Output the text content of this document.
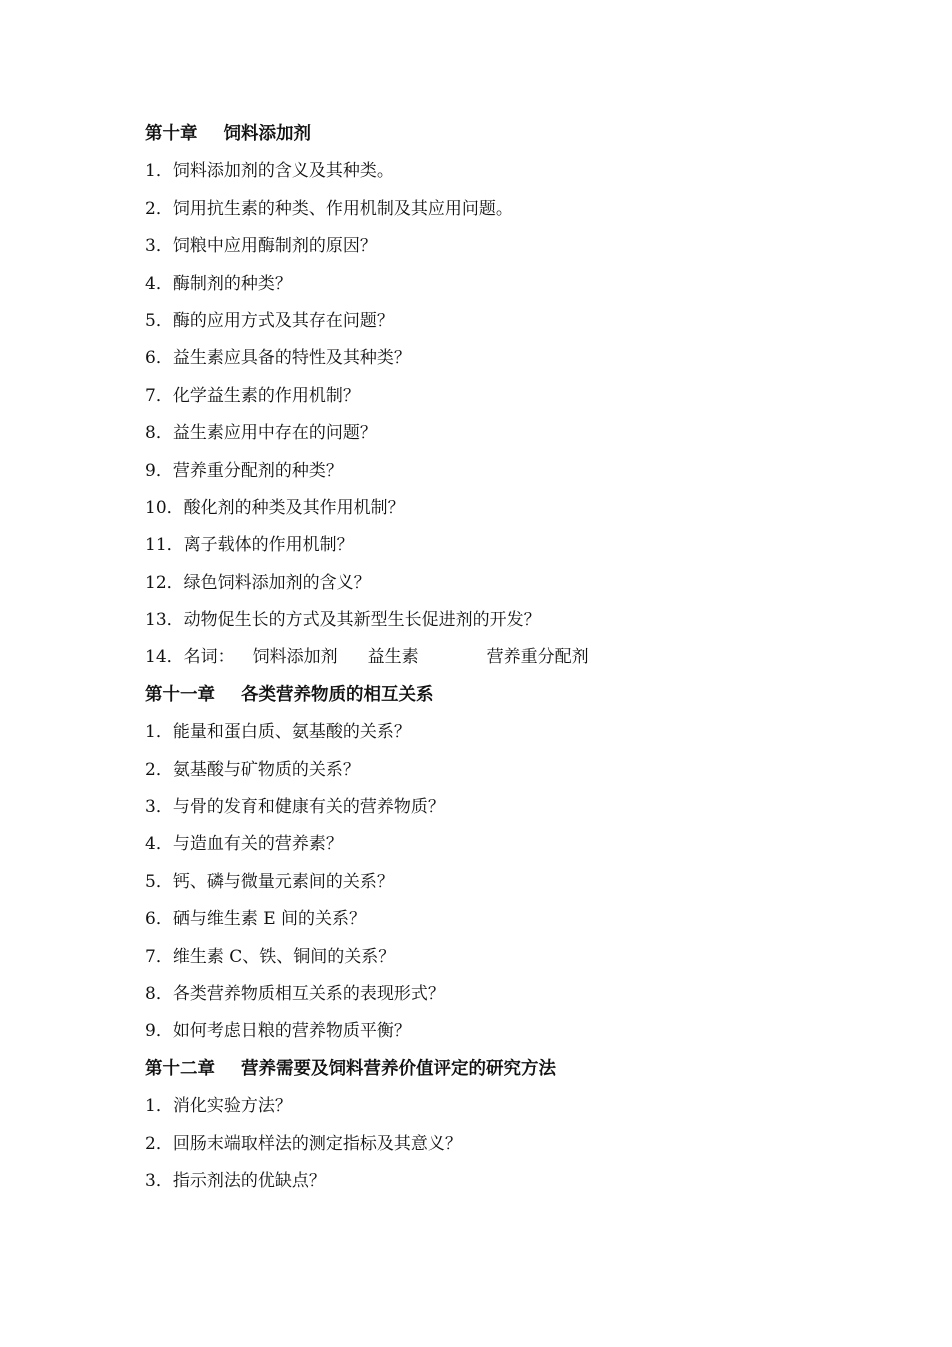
第十章 饲料添加剂
1．饲料添加剂的含义及其种类。
2．饲用抗生素的种类、作用机制及其应用问题。
3．饲粮中应用酶制剂的原因？
4．酶制剂的种类？
5．酶的应用方式及其存在问题？
6．益生素应具备的特性及其种类？
7．化学益生素的作用机制？
8．益生素应用中存在的问题？
9．营养重分配剂的种类？
10．酸化剂的种类及其作用机制？
11．离子载体的作用机制？
12．绿色饲料添加剂的含义？
13．动物促生长的方式及其新型生长促进剂的开发？
14．名词： 饲料添加剂 益生素	营养重分配剂
第十一章 各类营养物质的相互关系
1．能量和蛋白质、氨基酸的关系？
2．氨基酸与矿物质的关系？
3．与骨的发育和健康有关的营养物质？
4．与造血有关的营养素？
5．钙、磷与微量元素间的关系？
6．硒与维生素 E 间的关系？
7．维生素 C、铁、铜间的关系？
8．各类营养物质相互关系的表现形式？
9．如何考虑日粮的营养物质平衡？
第十二章 营养需要及饲料营养价值评定的研究方法
1．消化实验方法？
2．回肠末端取样法的测定指标及其意义？
3．指示剂法的优缺点？
